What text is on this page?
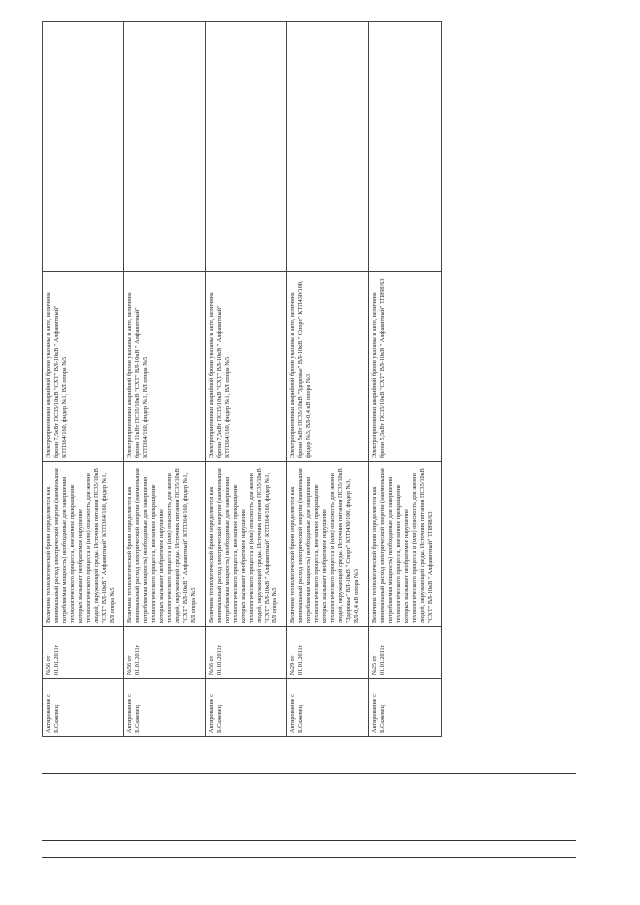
Актирование с Б.Сажевец	№56 от 01.01.2011г	Величина технологической брони определяется как минимальный расход электрической энергии (наименьшая потребляемая мощность) необходимые для завершения технологического процесса, внезапное прекращение которых вызывает необратимое нарушение технологического процесса и (или) опасность для жизни людей, окружающей среды. Источник питания ПС35/10кВ "СХТ" ВЛ-10кВ " Алфавитный" КТП364/160, фидер №1, ВЛ опора №5	Электроприемники аварийной брони указаны в акте, величина брони 7,5кВт ПС35/10кВ "СХТ" ВЛ-10кВ " Алфавитный" КТП364/160, фидер №1, ВЛ опора №5	
Актирование с Б.Сажевец	№56 от 01.01.2011г	Величина технологической брони определяется как минимальный расход электрической энергии (наименьшая потребляемая мощность) необходимые для завершения технологического процесса, внезапное прекращение которых вызывает необратимое нарушение технологического процесса и (или) опасность для жизни людей, окружающей среды. Источник питания ПС35/10кВ "СХТ" ВЛ-10кВ " Алфавитный" КТП364/160, фидер №1, ВЛ опора №5	Электроприемники аварийной брони указаны в акте, величина брони 11кВт ПС35/10кВ "СХТ" ВЛ-10кВ " Алфавитный" КТП364/160, фидер №1, ВЛ опора №5	
Актирование с Б.Сажевец	№56 от 01.01.2011г	Величина технологической брони определяется как минимальный расход электрической энергии (наименьшая потребляемая мощность) необходимые для завершения технологического процесса, внезапное прекращение которых вызывает необратимое нарушение технологического процесса и (или) опасность для жизни людей, окружающей среды. Источник питания ПС35/10кВ "СХТ" ВЛ-10кВ " Алфавитный" КТП364/160, фидер №1, ВЛ опора №5	Электроприемники аварийной брони указаны в акте, величина брони 7,5кВт ПС35/10кВ "СХТ" ВЛ-10кВ " Алфавитный" КТП364/160, фидер №1, ВЛ опора №5	
Актирование с Б.Сажевец	№29 от 01.01.2011г	Величина технологической брони определяется как минимальный расход электрической энергии (наименьшая потребляемая мощность) необходимые для завершения технологического процесса, внезапное прекращение которых вызывает необратимое нарушение технологического процесса и (или) опасность для жизни людей, окружающей среды. Источник питания ПС35/10кВ "Здоровье" ВЛ-10кВ " Спорт" КТП430/100, фидер №3, ВЛ-0,4 кВ опора №3	Электроприемники аварийной брони указаны в акте, величина брони 5кВт ПС35/10кВ "Здоровье" ВЛ-10кВ " Спорт" КТП430/100, фидер №3, ВЛ-0,4 кВ опора №3	
Актирование с Б.Сажевец	№25 от 01.01.2011г	Величина технологической брони определяется как минимальный расход электрической энергии (наименьшая потребляемая мощность) необходимые для завершения технологического процесса, внезапное прекращение которых вызывает необратимое нарушение технологического процесса и (или) опасность для жизни людей, окружающей среды. Источник питания ПС35/10кВ "СХТ" ВЛ-10кВ " Алфавитный" ТП898/63	Электроприемники аварийной брони указаны в акте, величина брони 5,5кВт ПС35/10кВ "СХТ" ВЛ-10кВ " Алфавитный" ТП898/63	
